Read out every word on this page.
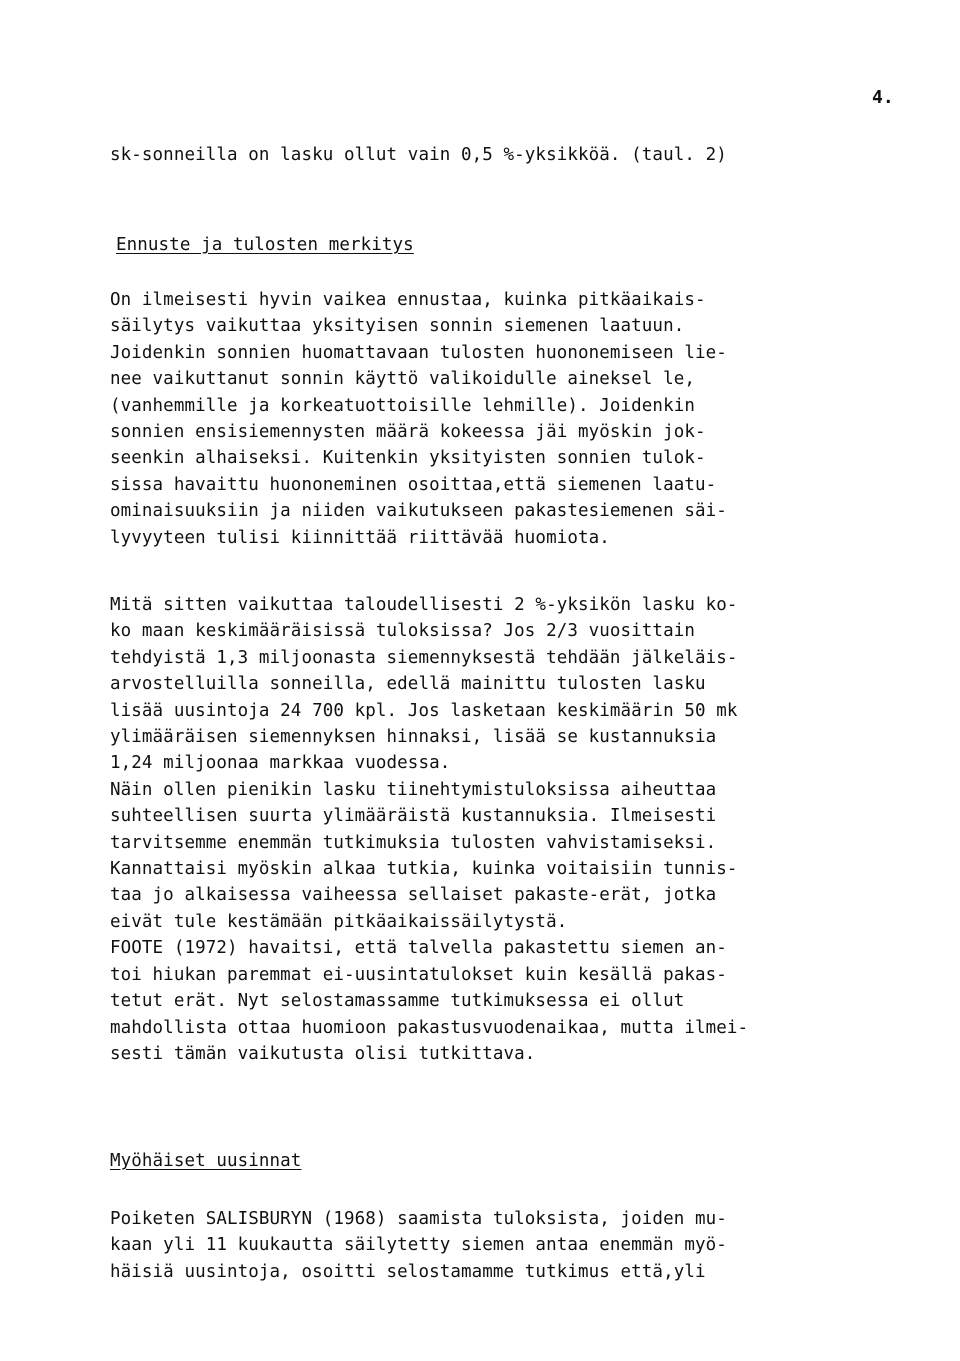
4.
sk-sonneilla on lasku ollut vain 0,5 %-yksikköä. (taul. 2)
Ennuste ja tulosten merkitys
On ilmeisesti hyvin vaikea ennustaa, kuinka pitkäaikais-
säilytys vaikuttaa yksityisen sonnin siemenen laatuun.
Joidenkin sonnien huomattavaan tulosten huononemiseen lie-
nee vaikuttanut sonnin käyttö valikoidulle aineksel le,
(vanhemmille ja korkeatuottoisille lehmille). Joidenkin
sonnien ensisiemennysten määrä kokeessa jäi myöskin jok-
seenkin alhaiseksi. Kuitenkin yksityisten sonnien tulok-
sissa havaittu huononeminen osoittaa,että siemenen laatu-
ominaisuuksiin ja niiden vaikutukseen pakastesiemenen säi-
lyvyyteen tulisi kiinnittää riittävää huomiota.
Mitä sitten vaikuttaa taloudellisesti 2 %-yksikön lasku ko-
ko maan keskimääräisissä tuloksissa? Jos 2/3 vuosittain
tehdyistä 1,3 miljoonasta siemennyksestä tehdään jälkeläis-
arvostelluilla sonneilla, edellä mainittu tulosten lasku
lisää uusintoja 24 700 kpl. Jos lasketaan keskimäärin 50 mk
ylimääräisen siemennyksen hinnaksi, lisää se kustannuksia
1,24 miljoonaa markkaa vuodessa.
Näin ollen pienikin lasku tiinehtymistuloksissa aiheuttaa
suhteellisen suurta ylimääräistä kustannuksia. Ilmeisesti
tarvitsemme enemmän tutkimuksia tulosten vahvistamiseksi.
Kannattaisi myöskin alkaa tutkia, kuinka voitaisiin tunnis-
taa jo alkaisessa vaiheessa sellaiset pakaste-erät, jotka
eivät tule kestämään pitkäaikaissäilytystä.
FOOTE (1972) havaitsi, että talvella pakastettu siemen an-
toi hiukan paremmat ei-uusintatulokset kuin kesällä pakas-
tetut erät. Nyt selostamassamme tutkimuksessa ei ollut
mahdollista ottaa huomioon pakastusvuodenaikaa, mutta ilmei-
sesti tämän vaikutusta olisi tutkittava.
Myöhäiset uusinnat
Poiketen SALISBURYN (1968) saamista tuloksista, joiden mu-
kaan yli 11 kuukautta säilytetty siemen antaa enemmän myö-
häisiä uusintoja, osoitti selostamamme tutkimus että,yli
